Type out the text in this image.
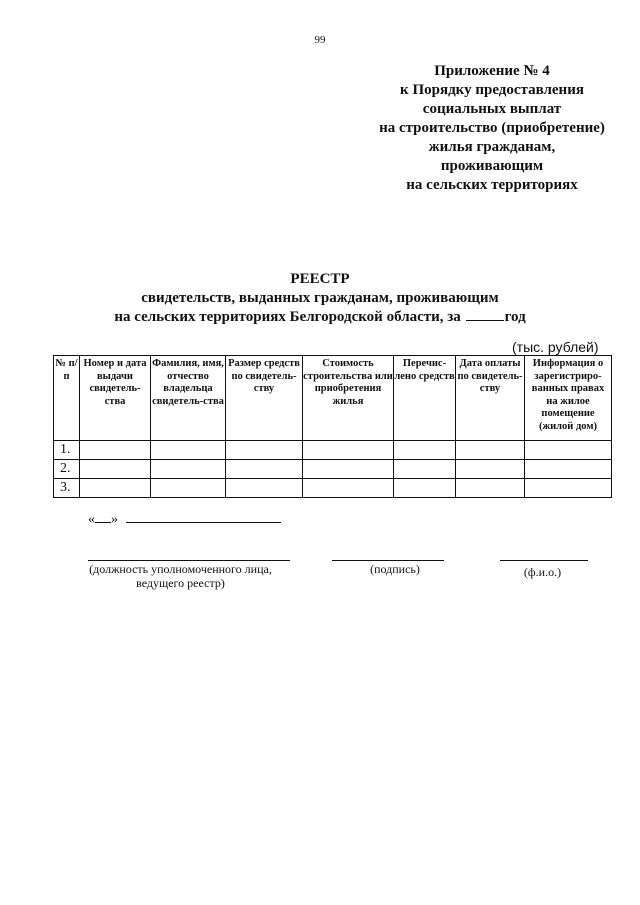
99
Приложение № 4
к Порядку предоставления
социальных выплат
на строительство (приобретение)
жилья гражданам,
проживающим
на сельских территориях
РЕЕСТР
свидетельств, выданных гражданам, проживающим
на сельских территориях Белгородской области, за	год
(тыс. рублей)
№ п/п	Номер и дата выдачи свидетель-ства	Фамилия, имя, отчество владельца свидетель-ства	Размер средств по свидетель-ству	Стоимость строительства или приобретения жилья	Перечис-лено средств	Дата оплаты по свидетель-ству	Информация о зарегистриро-ванных правах на жилое помещение (жилой дом)
1.							
2.							
3.							
« »
(должность уполномоченного лица,
ведущего реестр)
(подпись)	(ф.и.о.)
